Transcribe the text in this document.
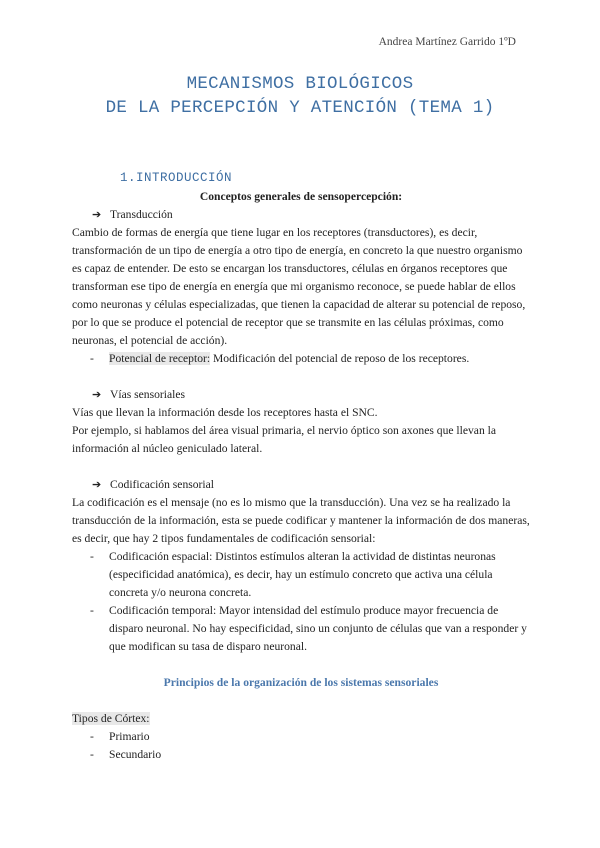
Andrea Martínez Garrido 1ºD
MECANISMOS BIOLÓGICOS
DE LA PERCEPCIÓN Y ATENCIÓN (TEMA 1)
1.INTRODUCCIÓN

Conceptos generales de sensopercepción:

➔ Transducción

Cambio de formas de energía que tiene lugar en los receptores (transductores), es decir, transformación de un tipo de energía a otro tipo de energía, en concreto la que nuestro organismo es capaz de entender. De esto se encargan los transductores, células en órganos receptores que transforman ese tipo de energía en energía que mi organismo reconoce, se puede hablar de ellos como neuronas y células especializadas, que tienen la capacidad de alterar su potencial de reposo, por lo que se produce el potencial de receptor que se transmite en las células próximas, como neuronas, el potencial de acción).

- Potencial de receptor: Modificación del potencial de reposo de los receptores.

➔ Vías sensoriales

Vías que llevan la información desde los receptores hasta el SNC.

Por ejemplo, si hablamos del área visual primaria, el nervio óptico son axones que llevan la información al núcleo geniculado lateral.

➔ Codificación sensorial

La codificación es el mensaje (no es lo mismo que la transducción). Una vez se ha realizado la transducción de la información, esta se puede codificar y mantener la información de dos maneras, es decir, que hay 2 tipos fundamentales de codificación sensorial:

- Codificación espacial: Distintos estímulos alteran la actividad de distintas neuronas (especificidad anatómica), es decir, hay un estímulo concreto que activa una célula concreta y/o neurona concreta.

- Codificación temporal: Mayor intensidad del estímulo produce mayor frecuencia de disparo neuronal. No hay especificidad, sino un conjunto de células que van a responder y que modifican su tasa de disparo neuronal.

Principios de la organización de los sistemas sensoriales

Tipos de Córtex:

- Primario

- Secundario
